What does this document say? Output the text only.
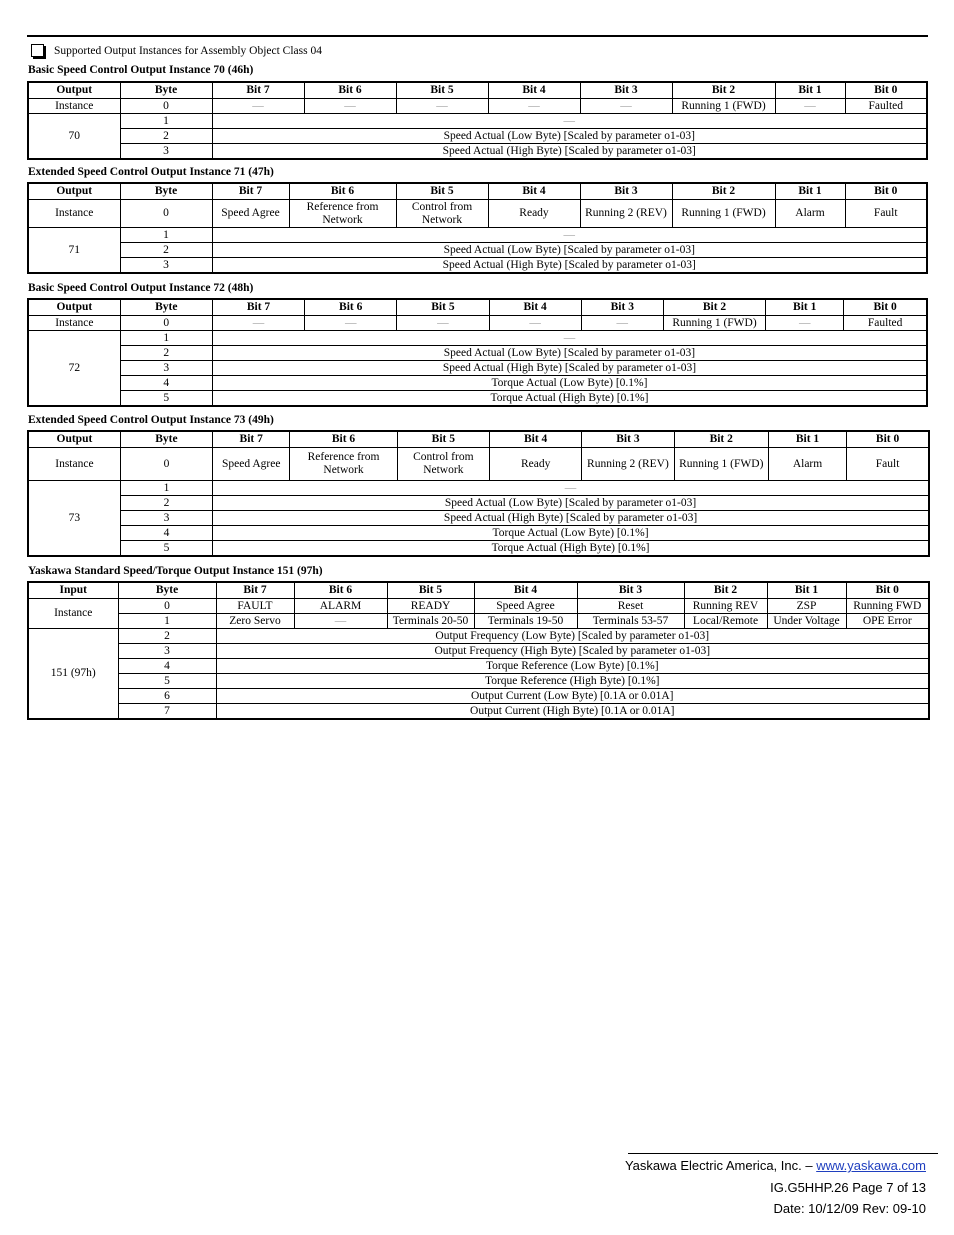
Supported Output Instances for Assembly Object Class 04
Basic Speed Control Output Instance 70 (46h)
Output	Byte	Bit 7	Bit 6	Bit 5	Bit 4	Bit 3	Bit 2	Bit 1	Bit 0
Instance	0	—	—	—	—	—	Running 1 (FWD)	—	Faulted
70	1	—							
	2	Speed Actual (Low Byte) [Scaled by parameter o1-03]							
	3	Speed Actual (High Byte) [Scaled by parameter o1-03]							
Extended Speed Control Output Instance 71 (47h)
Output	Byte	Bit 7	Bit 6	Bit 5	Bit 4	Bit 3	Bit 2	Bit 1	Bit 0
Instance	0	Speed Agree	Reference from Network	Control from Network	Ready	Running 2 (REV)	Running 1 (FWD)	Alarm	Fault
71	1	—							
	2	Speed Actual (Low Byte) [Scaled by parameter o1-03]							
	3	Speed Actual (High Byte) [Scaled by parameter o1-03]							
Basic Speed Control Output Instance 72 (48h)
Output	Byte	Bit 7	Bit 6	Bit 5	Bit 4	Bit 3	Bit 2	Bit 1	Bit 0
Instance	0	—	—	—	—	—	Running 1 (FWD)	—	Faulted
72	1	—							
	2	Speed Actual (Low Byte) [Scaled by parameter o1-03]							
	3	Speed Actual (High Byte) [Scaled by parameter o1-03]							
	4	Torque Actual (Low Byte) [0.1%]							
	5	Torque Actual (High Byte) [0.1%]							
Extended Speed Control Output Instance 73 (49h)
Output	Byte	Bit 7	Bit 6	Bit 5	Bit 4	Bit 3	Bit 2	Bit 1	Bit 0
Instance	0	Speed Agree	Reference from Network	Control from Network	Ready	Running 2 (REV)	Running 1 (FWD)	Alarm	Fault
73	1	—							
	2	Speed Actual (Low Byte) [Scaled by parameter o1-03]							
	3	Speed Actual (High Byte) [Scaled by parameter o1-03]							
	4	Torque Actual (Low Byte) [0.1%]							
	5	Torque Actual (High Byte) [0.1%]							
Yaskawa Standard Speed/Torque Output Instance 151 (97h)
Input	Byte	Bit 7	Bit 6	Bit 5	Bit 4	Bit 3	Bit 2	Bit 1	Bit 0
Instance	0	FAULT	ALARM	READY	Speed Agree	Reset	Running REV	ZSP	Running FWD
	1	Zero Servo	—	Terminals 20-50	Terminals 19-50	Terminals 53-57	Local/Remote	Under Voltage	OPE Error
151 (97h)	2	Output Frequency (Low Byte) [Scaled by parameter o1-03]							
	3	Output Frequency (High Byte) [Scaled by parameter o1-03]							
	4	Torque Reference (Low Byte) [0.1%]							
	5	Torque Reference (High Byte) [0.1%]							
	6	Output Current (Low Byte) [0.1A or 0.01A]							
	7	Output Current (High Byte) [0.1A or 0.01A]							
Yaskawa Electric America, Inc. – www.yaskawa.com
IG.G5HHP.26 Page 7 of 13
Date: 10/12/09 Rev: 09-10
